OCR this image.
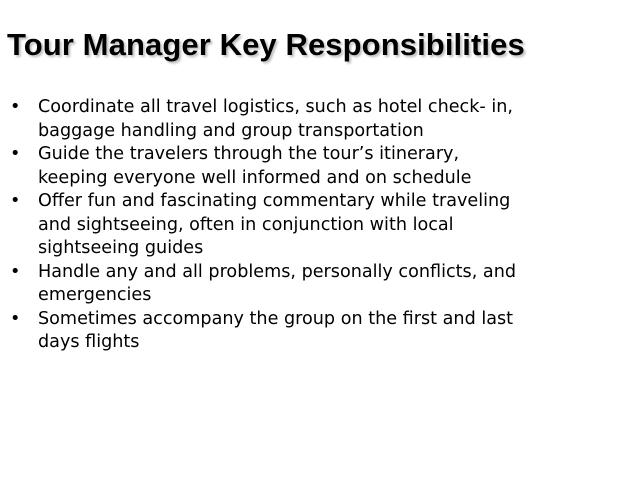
Tour Manager Key Responsibilities
• Coordinate all travel logistics, such as hotel check- in,
baggage handling and group transportation
• Guide the travelers through the tour’s itinerary,
keeping everyone well informed and on schedule
• Offer fun and fascinating commentary while traveling
and sightseeing, often in conjunction with local
sightseeing guides
• Handle any and all problems, personally conflicts, and
emergencies
• Sometimes accompany the group on the first and last
days flights
